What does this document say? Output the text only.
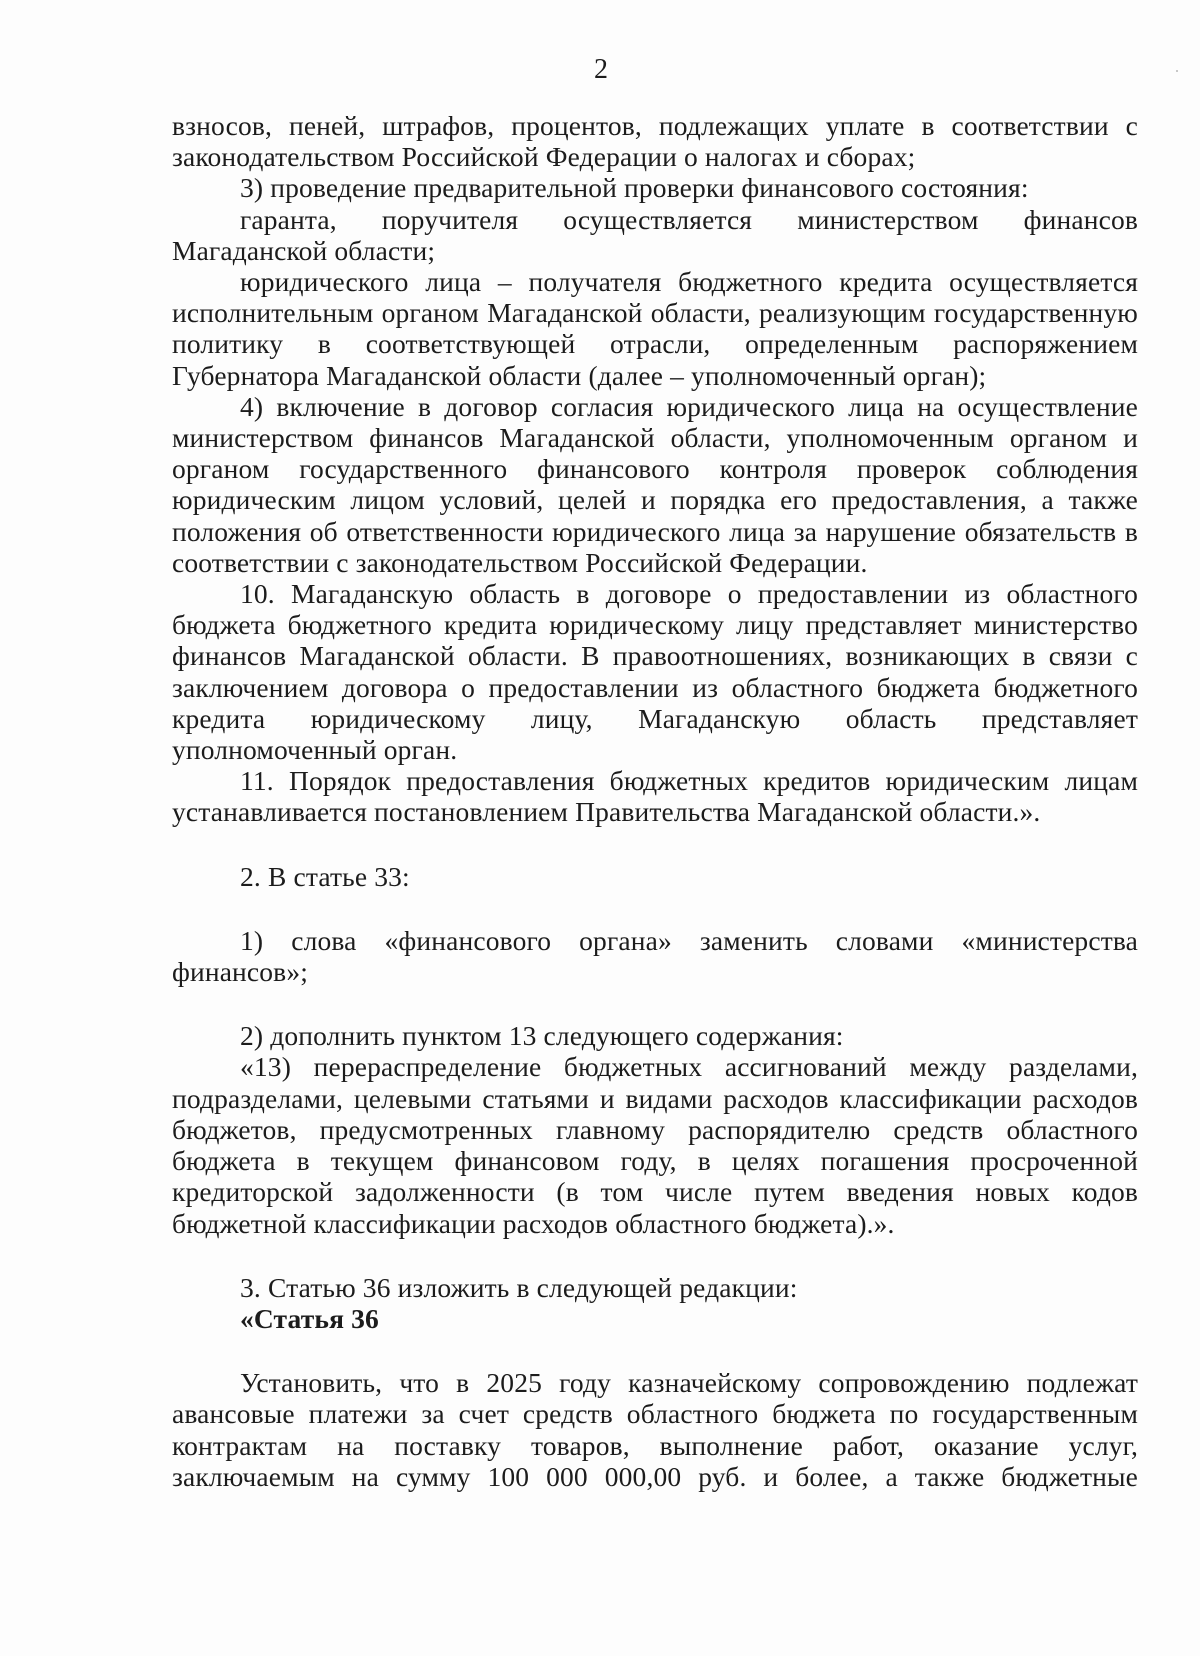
2

взносов, пеней, штрафов, процентов, подлежащих уплате в соответствии с законодательством Российской Федерации о налогах и сборах;

3) проведение предварительной проверки финансового состояния:

гаранта, поручителя осуществляется министерством финансов Магаданской области;

юридического лица – получателя бюджетного кредита осуществляется исполнительным органом Магаданской области, реализующим государственную политику в соответствующей отрасли, определенным распоряжением Губернатора Магаданской области (далее – уполномоченный орган);

4) включение в договор согласия юридического лица на осуществление министерством финансов Магаданской области, уполномоченным органом и органом государственного финансового контроля проверок соблюдения юридическим лицом условий, целей и порядка его предоставления, а также положения об ответственности юридического лица за нарушение обязательств в соответствии с законодательством Российской Федерации.

10. Магаданскую область в договоре о предоставлении из областного бюджета бюджетного кредита юридическому лицу представляет министерство финансов Магаданской области. В правоотношениях, возникающих в связи с заключением договора о предоставлении из областного бюджета бюджетного кредита юридическому лицу, Магаданскую область представляет уполномоченный орган.

11. Порядок предоставления бюджетных кредитов юридическим лицам устанавливается постановлением Правительства Магаданской области.».

2. В статье 33:

1) слова «финансового органа» заменить словами «министерства финансов»;

2) дополнить пунктом 13 следующего содержания:

«13) перераспределение бюджетных ассигнований между разделами, подразделами, целевыми статьями и видами расходов классификации расходов бюджетов, предусмотренных главному распорядителю средств областного бюджета в текущем финансовом году, в целях погашения просроченной кредиторской задолженности (в том числе путем введения новых кодов бюджетной классификации расходов областного бюджета).».

3. Статью 36 изложить в следующей редакции:

«Статья 36

Установить, что в 2025 году казначейскому сопровождению подлежат авансовые платежи за счет средств областного бюджета по государственным контрактам на поставку товаров, выполнение работ, оказание услуг, заключаемым на сумму 100 000 000,00 руб. и более, а также бюджетные
